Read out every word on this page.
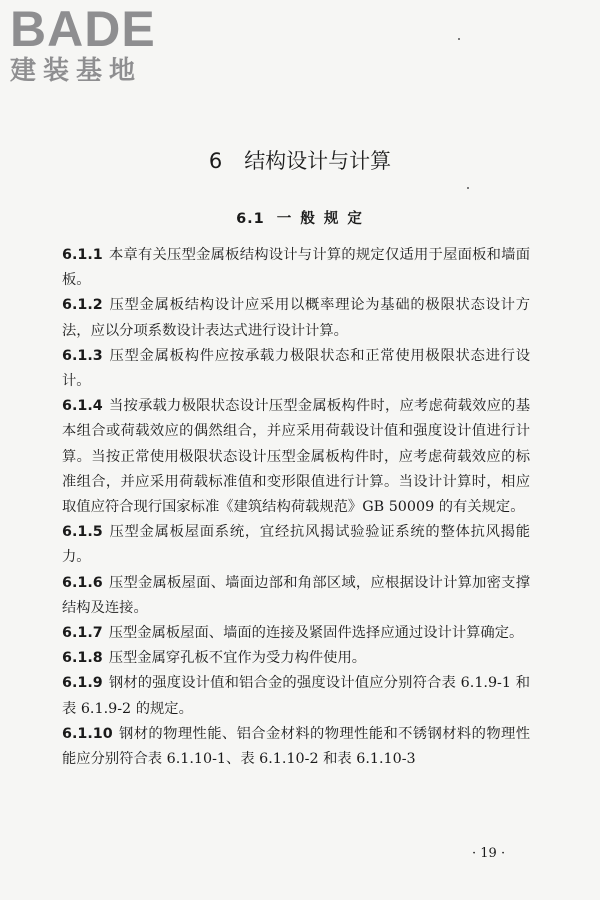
BADE
建装基地
6 结构设计与计算
6.1 一 般 规 定

6.1.1 本章有关压型金属板结构设计与计算的规定仅适用于屋面板和墙面板。

6.1.2 压型金属板结构设计应采用以概率理论为基础的极限状态设计方法，应以分项系数设计表达式进行设计计算。

6.1.3 压型金属板构件应按承载力极限状态和正常使用极限状态进行设计。

6.1.4 当按承载力极限状态设计压型金属板构件时，应考虑荷载效应的基本组合或荷载效应的偶然组合，并应采用荷载设计值和强度设计值进行计算。当按正常使用极限状态设计压型金属板构件时，应考虑荷载效应的标准组合，并应采用荷载标准值和变形限值进行计算。当设计计算时，相应取值应符合现行国家标准《建筑结构荷载规范》GB 50009 的有关规定。

6.1.5 压型金属板屋面系统，宜经抗风揭试验验证系统的整体抗风揭能力。

6.1.6 压型金属板屋面、墙面边部和角部区域，应根据设计计算加密支撑结构及连接。

6.1.7 压型金属板屋面、墙面的连接及紧固件选择应通过设计计算确定。

6.1.8 压型金属穿孔板不宜作为受力构件使用。

6.1.9 钢材的强度设计值和铝合金的强度设计值应分别符合表 6.1.9-1 和表 6.1.9-2 的规定。

6.1.10 钢材的物理性能、铝合金材料的物理性能和不锈钢材料的物理性能应分别符合表 6.1.10-1、表 6.1.10-2 和表 6.1.10-3

· 19 ·
